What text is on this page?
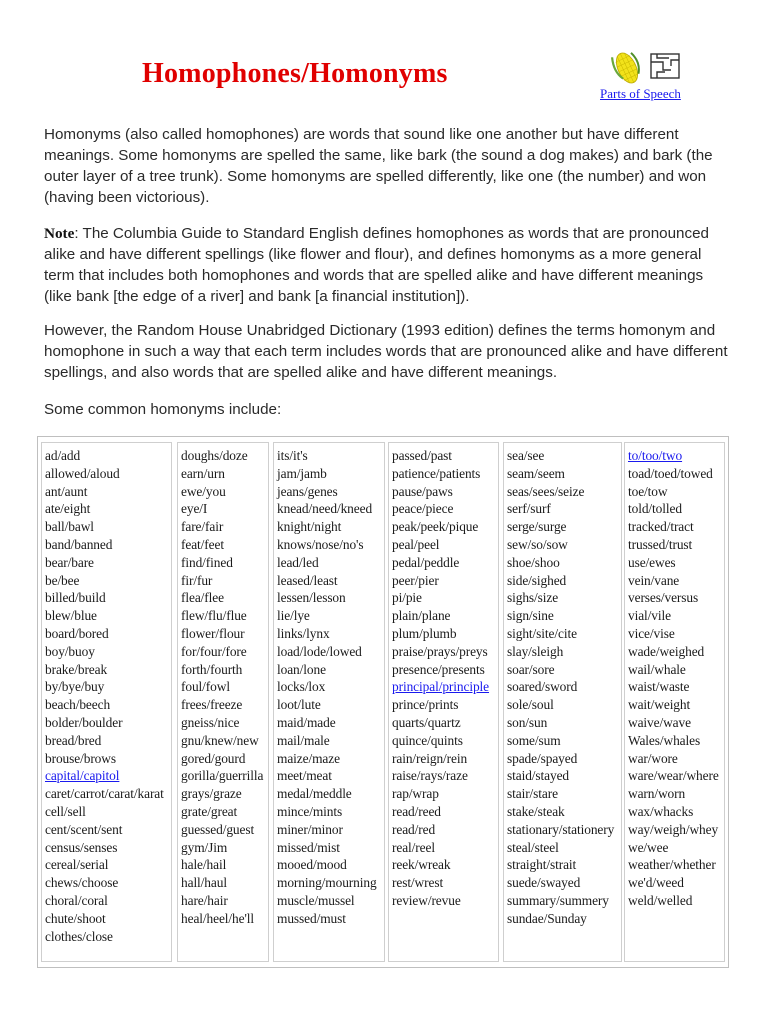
Homophones/Homonyms
Parts of Speech

Homonyms (also called homophones) are words that sound like one another but have different meanings. Some homonyms are spelled the same, like bark (the sound a dog makes) and bark (the outer layer of a tree trunk). Some homonyms are spelled differently, like one (the number) and won (having been victorious).

Note: The Columbia Guide to Standard English defines homophones as words that are pronounced alike and have different spellings (like flower and flour), and defines homonyms as a more general term that includes both homophones and words that are spelled alike and have different meanings (like bank [the edge of a river] and bank [a financial institution]).

However, the Random House Unabridged Dictionary (1993 edition) defines the terms homonym and homophone in such a way that each term includes words that are pronounced alike and have different spellings, and also words that are spelled alike and have different meanings.

Some common homonyms include:

ad/add
allowed/aloud
ant/aunt
ate/eight
ball/bawl
band/banned
bear/bare
be/bee
billed/build
blew/blue
board/bored
boy/buoy
brake/break
by/bye/buy
beach/beech
bolder/boulder
bread/bred
brouse/brows
capital/capitol
caret/carrot/carat/karat
cell/sell
cent/scent/sent
census/senses
cereal/serial
chews/choose
choral/coral
chute/shoot
clothes/close
doughs/doze
earn/urn
ewe/you
eye/I
fare/fair
feat/feet
find/fined
fir/fur
flea/flee
flew/flu/flue
flower/flour
for/four/fore
forth/fourth
foul/fowl
frees/freeze
gneiss/nice
gnu/knew/new
gored/gourd
gorilla/guerrilla
grays/graze
grate/great
guessed/guest
gym/Jim
hale/hail
hall/haul
hare/hair
heal/heel/he'll
its/it's
jam/jamb
jeans/genes
knead/need/kneed
knight/night
knows/nose/no's
lead/led
leased/least
lessen/lesson
lie/lye
links/lynx
load/lode/lowed
loan/lone
locks/lox
loot/lute
maid/made
mail/male
maize/maze
meet/meat
medal/meddle
mince/mints
miner/minor
missed/mist
mooed/mood
morning/mourning
muscle/mussel
mussed/must
passed/past
patience/patients
pause/paws
peace/piece
peak/peek/pique
peal/peel
pedal/peddle
peer/pier
pi/pie
plain/plane
plum/plumb
praise/prays/preys
presence/presents
principal/principle
prince/prints
quarts/quartz
quince/quints
rain/reign/rein
raise/rays/raze
rap/wrap
read/reed
read/red
real/reel
reek/wreak
rest/wrest
review/revue
sea/see
seam/seem
seas/sees/seize
serf/surf
serge/surge
sew/so/sow
shoe/shoo
side/sighed
sighs/size
sign/sine
sight/site/cite
slay/sleigh
soar/sore
soared/sword
sole/soul
son/sun
some/sum
spade/spayed
staid/stayed
stair/stare
stake/steak
stationary/stationery
steal/steel
straight/strait
suede/swayed
summary/summery
sundae/Sunday
to/too/two
toad/toed/towed
toe/tow
told/tolled
tracked/tract
trussed/trust
use/ewes
vein/vane
verses/versus
vial/vile
vice/vise
wade/weighed
wail/whale
waist/waste
wait/weight
waive/wave
Wales/whales
war/wore
ware/wear/where
warn/worn
wax/whacks
way/weigh/whey
we/wee
weather/whether
we'd/weed
weld/welled
